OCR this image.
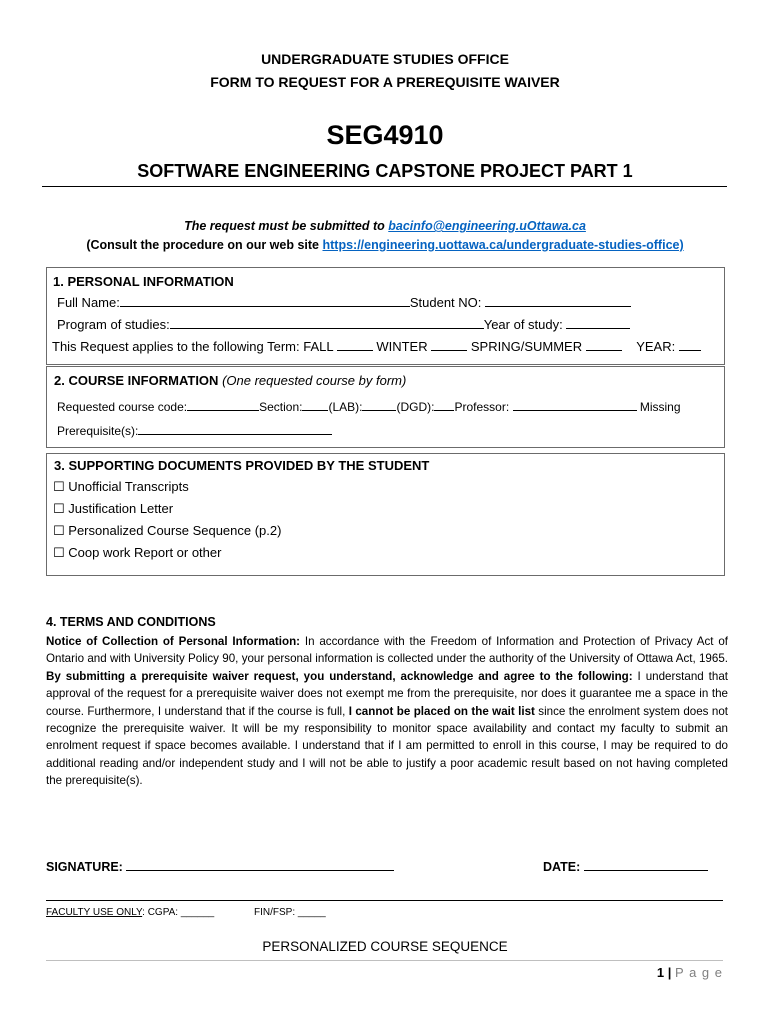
UNDERGRADUATE STUDIES OFFICE
FORM TO REQUEST FOR A PREREQUISITE WAIVER
SEG4910
SOFTWARE ENGINEERING CAPSTONE PROJECT PART 1
The request must be submitted to bacinfo@engineering.uOttawa.ca
(Consult the procedure on our web site https://engineering.uottawa.ca/undergraduate-studies-office)
1. PERSONAL INFORMATION
Full Name:	Student NO:
Program of studies:	Year of study:
This Request applies to the following Term: FALL	WINTER	SPRING/SUMMER	YEAR:
2. COURSE INFORMATION (One requested course by form)
Requested course code:	Section: (LAB):	(DGD): Professor:	Missing
Prerequisite(s):
3. SUPPORTING DOCUMENTS PROVIDED BY THE STUDENT
☐ Unofficial Transcripts
☐ Justification Letter
☐ Personalized Course Sequence (p.2)
☐ Coop work Report or other
4. TERMS AND CONDITIONS
Notice of Collection of Personal Information: In accordance with the Freedom of Information and Protection of Privacy Act of Ontario and with University Policy 90, your personal information is collected under the authority of the University of Ottawa Act, 1965. By submitting a prerequisite waiver request, you understand, acknowledge and agree to the following: I understand that approval of the request for a prerequisite waiver does not exempt me from the prerequisite, nor does it guarantee me a space in the course. Furthermore, I understand that if the course is full, I cannot be placed on the wait list since the enrolment system does not recognize the prerequisite waiver. It will be my responsibility to monitor space availability and contact my faculty to submit an enrolment request if space becomes available. I understand that if I am permitted to enroll in this course, I may be required to do additional reading and/or independent study and I will not be able to justify a poor academic result based on not having completed the prerequisite(s).
SIGNATURE:	DATE:
FACULTY USE ONLY: CGPA: ______	FIN/FSP: _____
PERSONALIZED COURSE SEQUENCE
1 | P a g e
